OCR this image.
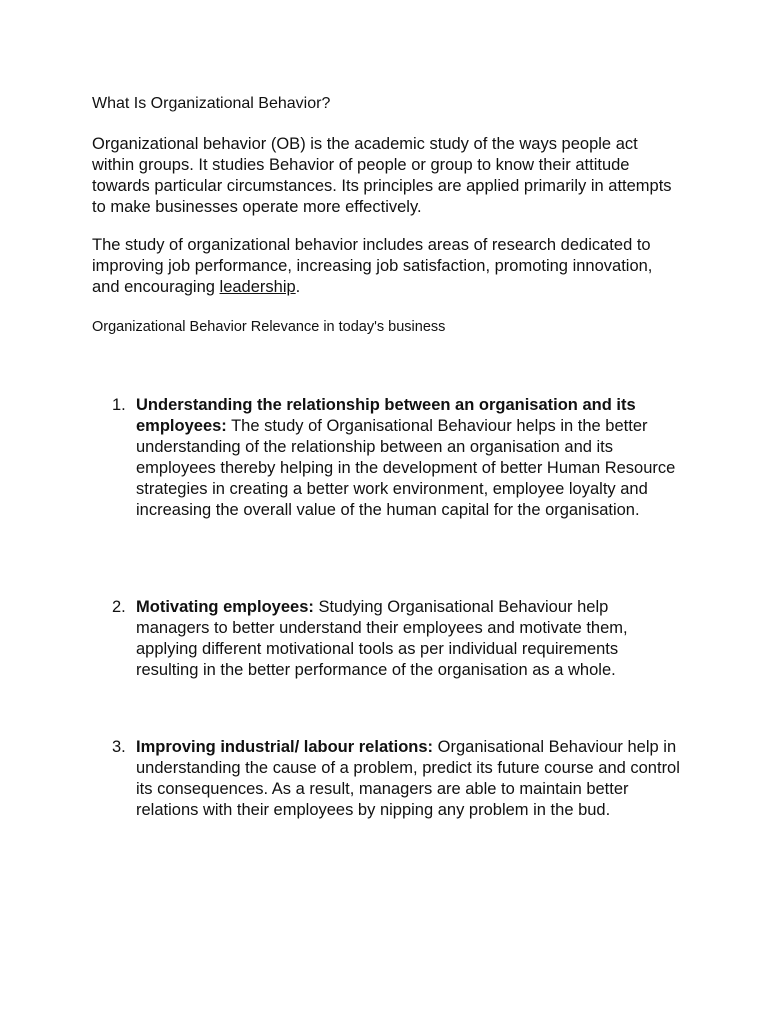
What Is Organizational Behavior?

Organizational behavior (OB) is the academic study of the ways people act within groups. It studies Behavior of people or group to know their attitude towards particular circumstances. Its principles are applied primarily in attempts to make businesses operate more effectively.

The study of organizational behavior includes areas of research dedicated to improving job performance, increasing job satisfaction, promoting innovation, and encouraging leadership.

Organizational Behavior Relevance in today's business
1. Understanding the relationship between an organisation and its employees: The study of Organisational Behaviour helps in the better understanding of the relationship between an organisation and its employees thereby helping in the development of better Human Resource strategies in creating a better work environment, employee loyalty and increasing the overall value of the human capital for the organisation.
2. Motivating employees: Studying Organisational Behaviour help managers to better understand their employees and motivate them, applying different motivational tools as per individual requirements resulting in the better performance of the organisation as a whole.
3. Improving industrial/ labour relations: Organisational Behaviour help in understanding the cause of a problem, predict its future course and control its consequences. As a result, managers are able to maintain better relations with their employees by nipping any problem in the bud.
